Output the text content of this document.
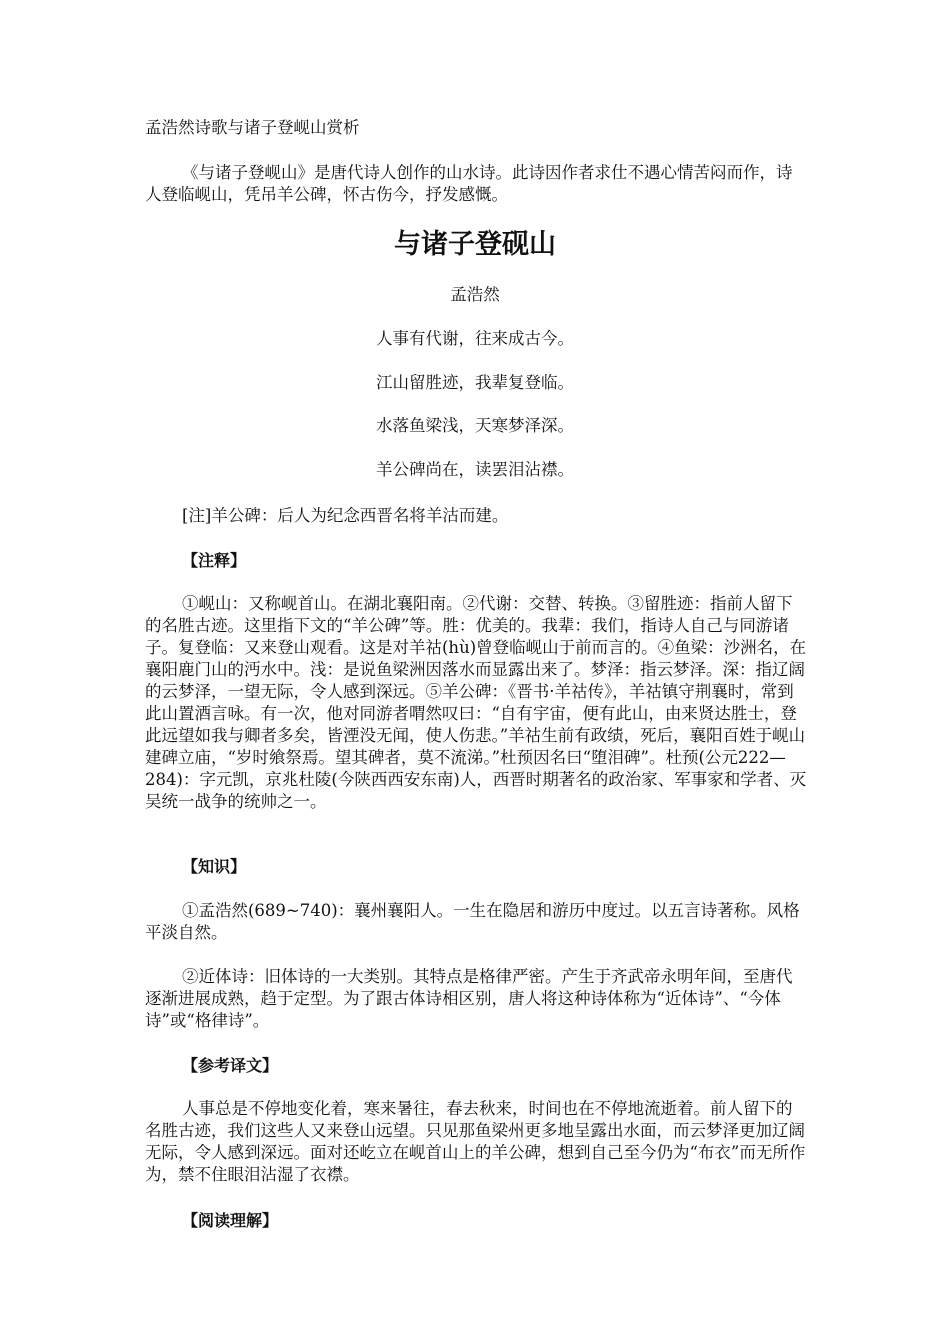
孟浩然诗歌与诸子登岘山赏析

《与诸子登岘山》是唐代诗人创作的山水诗。此诗因作者求仕不遇心情苦闷而作，诗人登临岘山，凭吊羊公碑，怀古伤今，抒发感慨。

与诸子登砚山

孟浩然

人事有代谢，往来成古今。

江山留胜迹，我辈复登临。

水落鱼梁浅，天寒梦泽深。

羊公碑尚在，读罢泪沾襟。

[注]羊公碑：后人为纪念西晋名将羊沽而建。

【注释】

①岘山：又称岘首山。在湖北襄阳南。②代谢：交替、转换。③留胜迹：指前人留下的名胜古迹。这里指下文的“羊公碑”等。胜：优美的。我辈：我们，指诗人自己与同游诸子。复登临：又来登山观看。这是对羊祜(hù)曾登临岘山于前而言的。④鱼梁：沙洲名，在襄阳鹿门山的沔水中。浅：是说鱼梁洲因落水而显露出来了。梦泽：指云梦泽。深：指辽阔的云梦泽，一望无际，令人感到深远。⑤羊公碑：《晋书·羊祜传》，羊祜镇守荆襄时，常到此山置酒言咏。有一次，他对同游者喟然叹曰：“自有宇宙，便有此山，由来贤达胜士，登此远望如我与卿者多矣，皆湮没无闻，使人伤悲。”羊祜生前有政绩，死后，襄阳百姓于岘山建碑立庙，“岁时飨祭焉。望其碑者，莫不流涕。”杜预因名曰“堕泪碑”。杜预(公元222—284)：字元凯，京兆杜陵(今陕西西安东南)人，西晋时期著名的政治家、军事家和学者、灭吴统一战争的统帅之一。

【知识】

①孟浩然(689~740)：襄州襄阳人。一生在隐居和游历中度过。以五言诗著称。风格平淡自然。

②近体诗：旧体诗的一大类别。其特点是格律严密。产生于齐武帝永明年间，至唐代逐渐进展成熟，趋于定型。为了跟古体诗相区别，唐人将这种诗体称为“近体诗”、“今体诗”或“格律诗”。

【参考译文】

人事总是不停地变化着，寒来暑往，春去秋来，时间也在不停地流逝着。前人留下的名胜古迹，我们这些人又来登山远望。只见那鱼梁州更多地呈露出水面，而云梦泽更加辽阔无际，令人感到深远。面对还屹立在岘首山上的羊公碑，想到自己至今仍为“布衣”而无所作为，禁不住眼泪沾湿了衣襟。

【阅读理解】
